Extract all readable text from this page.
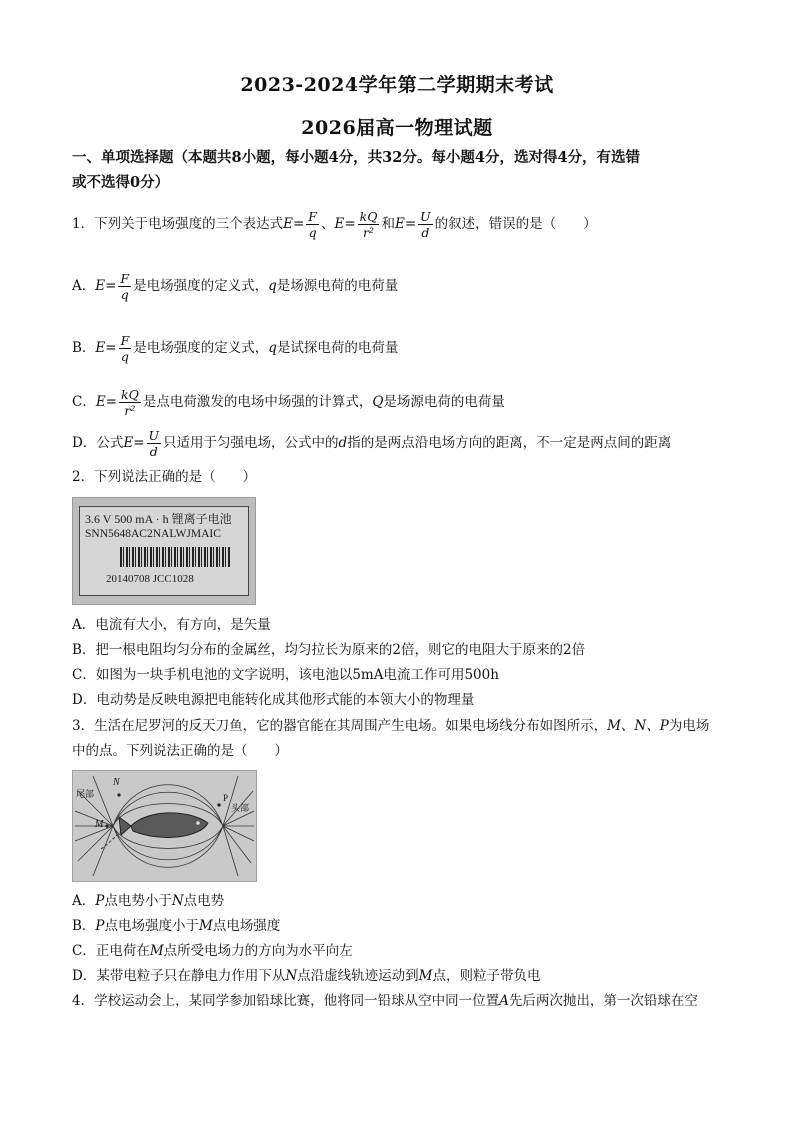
2023-2024学年第二学期期末考试
2026届高一物理试题
一、单项选择题（本题共8小题，每小题4分，共32分。每小题4分，选对得4分，有选错
或不选得0分）
1．下列关于电场强度的三个表达式$E= \frac{F}{q}$ 、$E= \frac{kQ}{\text{r²}}$ 和$E= \frac{U}{d}$ 的叙述，错误的是（　　）
A．$E= \frac{F}{q}$ 是电场强度的定义式，q是场源电荷的电荷量
B．$E= \frac{F}{q}$ 是电场强度的定义式，q是试探电荷的电荷量
C．$E= \frac{kQ}{\text{r²}}$ 是点电荷激发的电场中场强的计算式，Q是场源电荷的电荷量
D．公式$E= \frac{U}{d}$ 只适用于匀强电场，公式中的d指的是两点沿电场方向的距离，不一定是两点间的距离
2．下列说法正确的是（　　）
3.6 V 500 mA · h 锂离子电池
SNN5648AC2NALWJMAIC
20140708 JCC1028
A．电流有大小，有方向，是矢量
B．把一根电阻均匀分布的金属丝，均匀拉长为原来的2倍，则它的电阻大于原来的2倍
C．如图为一块手机电池的文字说明，该电池以5mA电流工作可用500h
D．电动势是反映电源把电能转化成其他形式能的本领大小的物理量
3．生活在尼罗河的反天刀鱼，它的器官能在其周围产生电场。如果电场线分布如图所示，M、N、P为电场
中的点。下列说法正确的是（　　）
N
M
P
尾部
头部
A．P点电势小于N点电势
B．P点电场强度小于M点电场强度
C．正电荷在M点所受电场力的方向为水平向左
D．某带电粒子只在静电力作用下从N点沿虚线轨迹运动到M点，则粒子带负电
4．学校运动会上，某同学参加铅球比赛，他将同一铅球从空中同一位置A先后两次抛出，第一次铅球在空
